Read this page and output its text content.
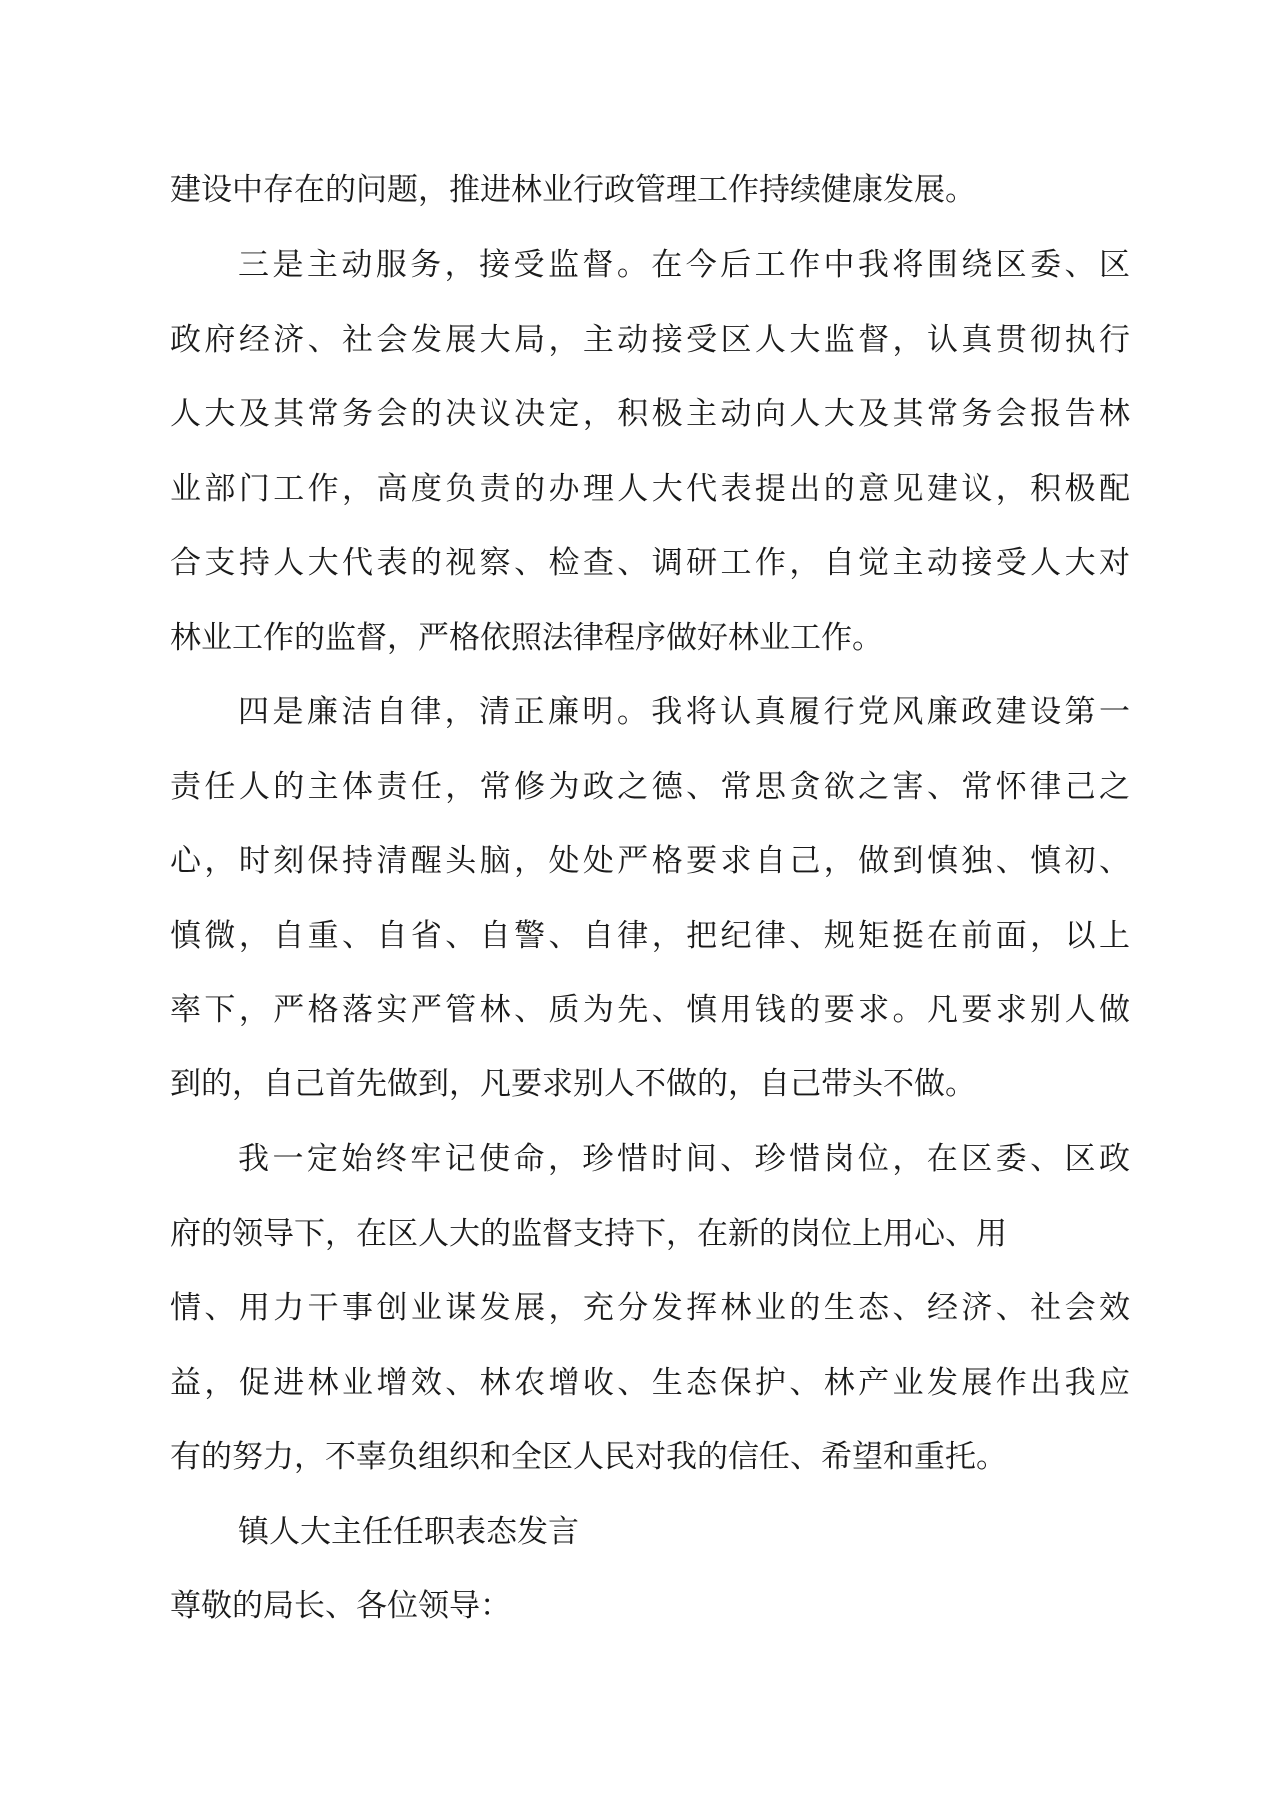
建设中存在的问题，推进林业行政管理工作持续健康发展。
三是主动服务，接受监督。在今后工作中我将围绕区委、区
政府经济、社会发展大局，主动接受区人大监督，认真贯彻执行
人大及其常务会的决议决定，积极主动向人大及其常务会报告林
业部门工作，高度负责的办理人大代表提出的意见建议，积极配
合支持人大代表的视察、检查、调研工作，自觉主动接受人大对
林业工作的监督，严格依照法律程序做好林业工作。
四是廉洁自律，清正廉明。我将认真履行党风廉政建设第一
责任人的主体责任，常修为政之德、常思贪欲之害、常怀律己之
心，时刻保持清醒头脑，处处严格要求自己，做到慎独、慎初、
慎微，自重、自省、自警、自律，把纪律、规矩挺在前面，以上
率下，严格落实严管林、质为先、慎用钱的要求。凡要求别人做
到的，自己首先做到，凡要求别人不做的，自己带头不做。
我一定始终牢记使命，珍惜时间、珍惜岗位，在区委、区政
府的领导下，在区人大的监督支持下，在新的岗位上用心、用
情、用力干事创业谋发展，充分发挥林业的生态、经济、社会效
益，促进林业增效、林农增收、生态保护、林产业发展作出我应
有的努力，不辜负组织和全区人民对我的信任、希望和重托。
镇人大主任任职表态发言
尊敬的局长、各位领导：
